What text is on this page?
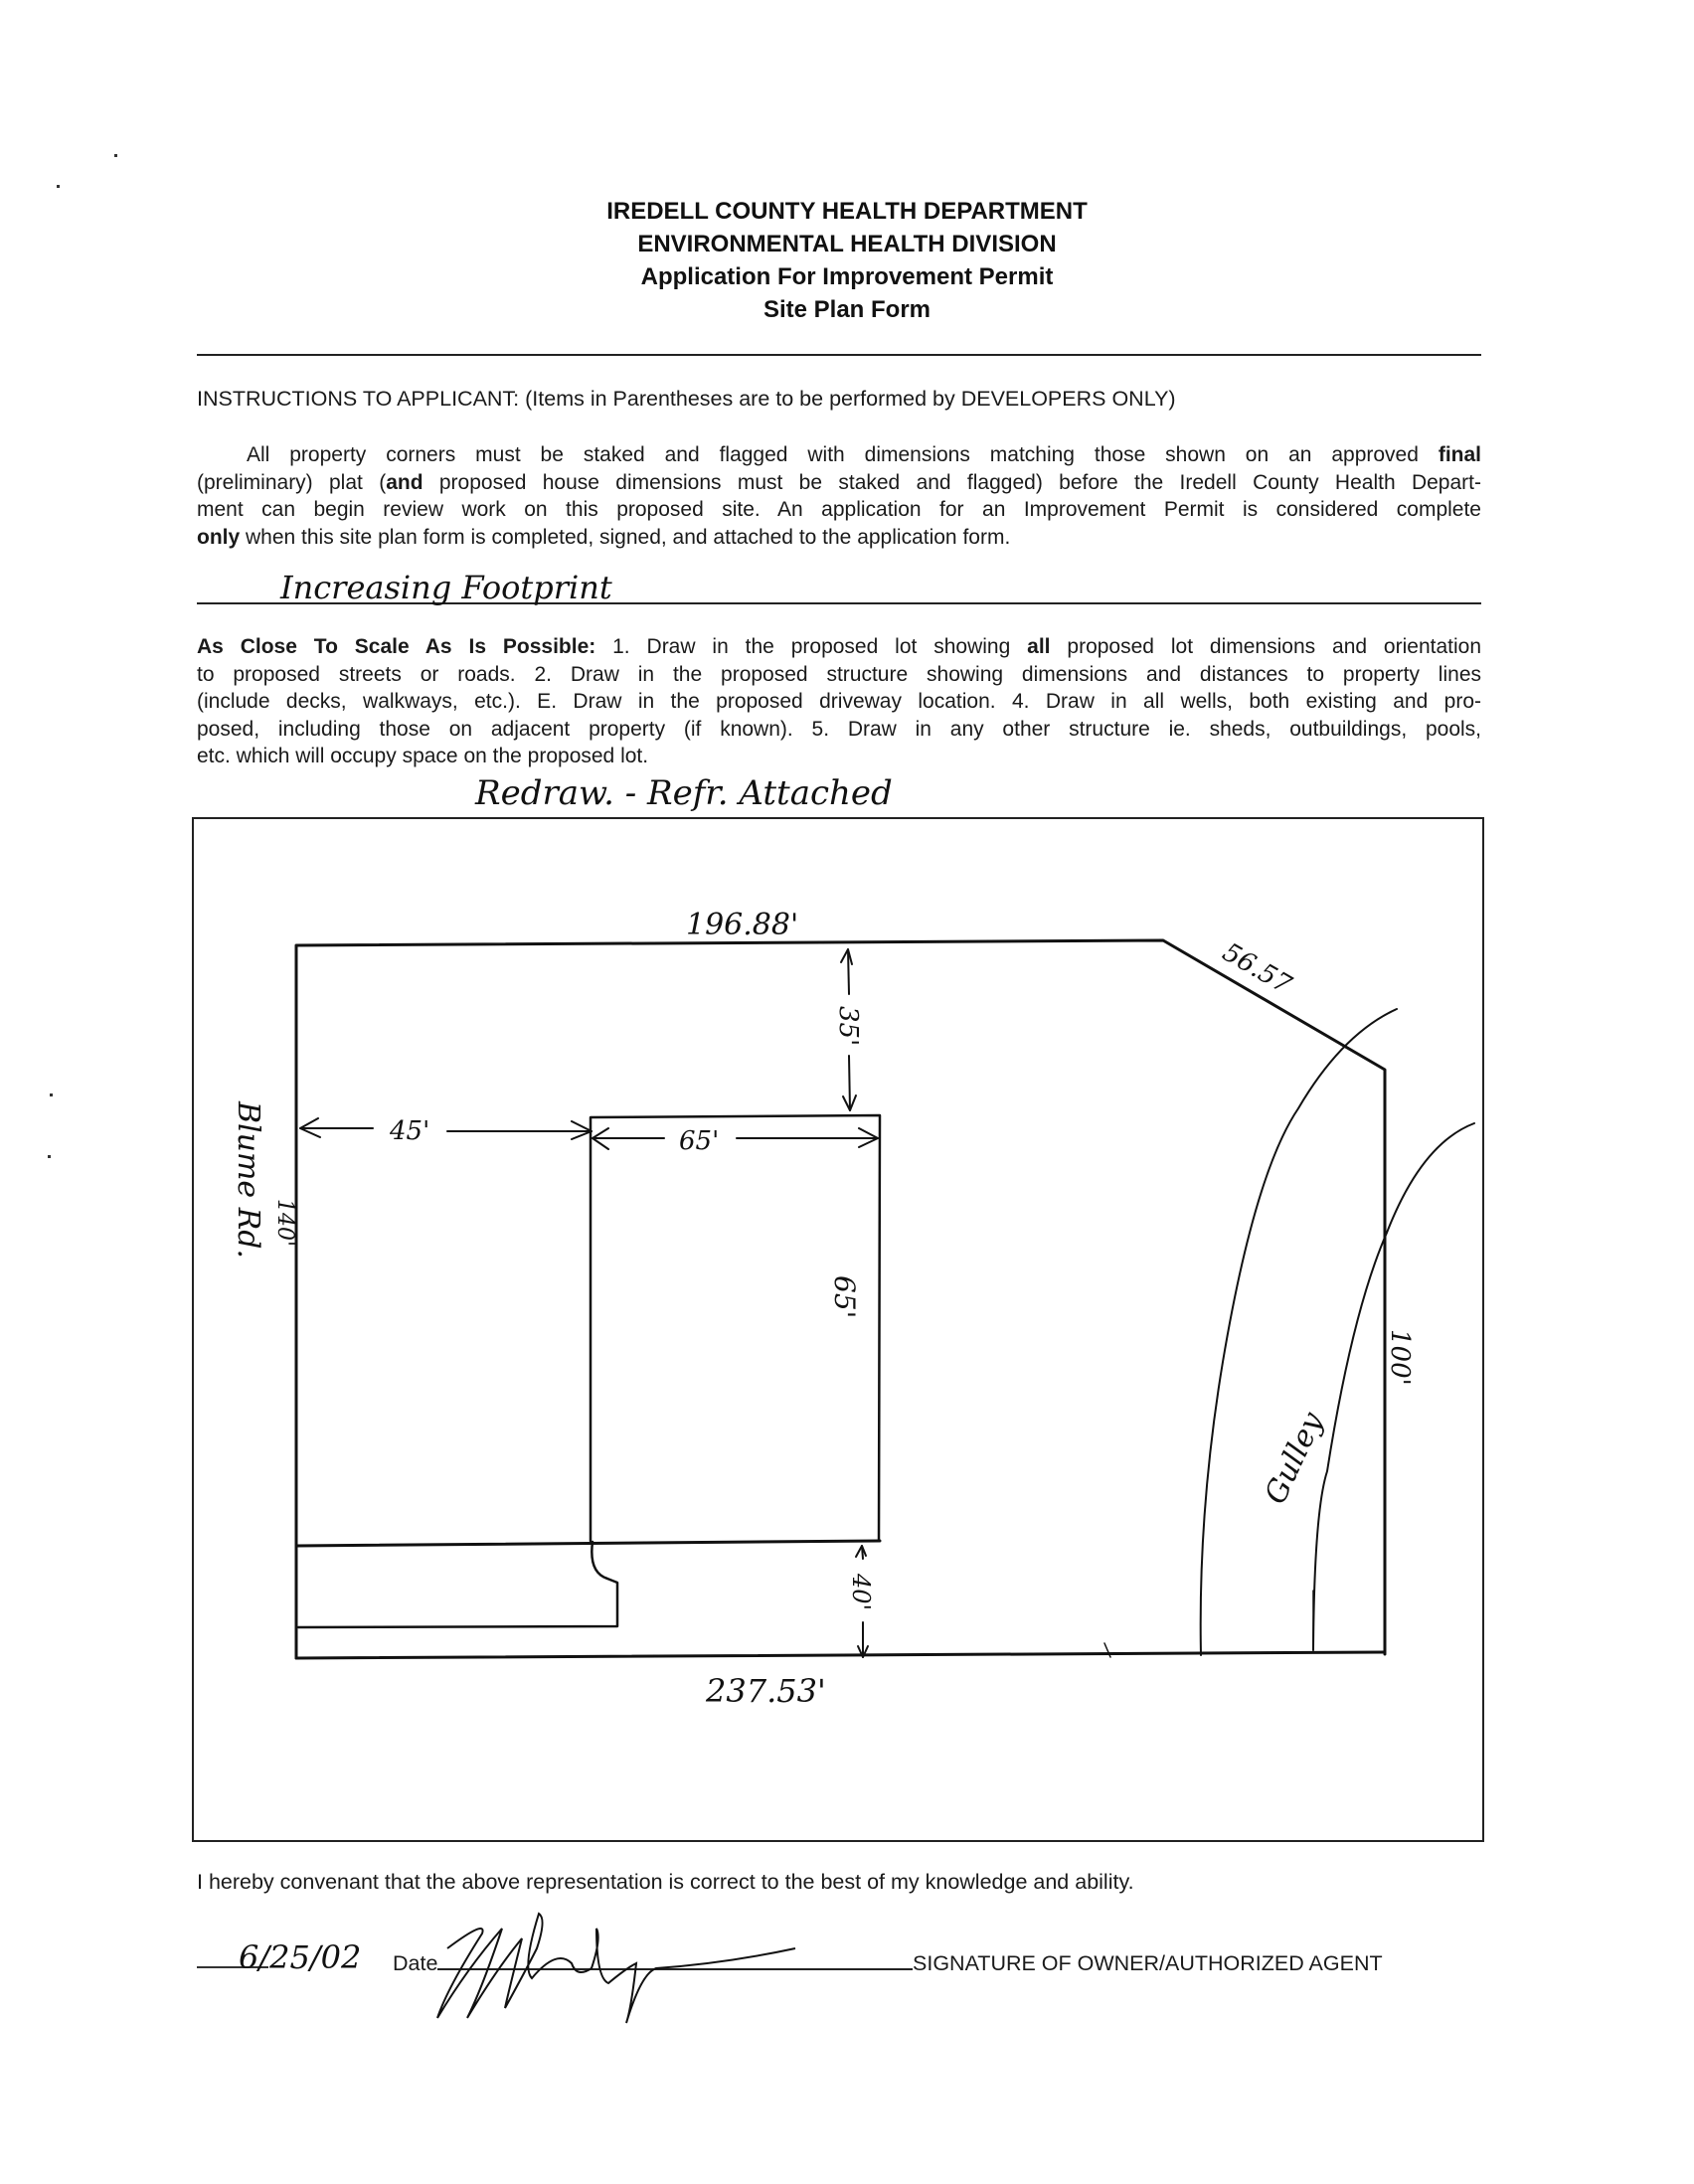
IREDELL COUNTY HEALTH DEPARTMENT
ENVIRONMENTAL HEALTH DIVISION
Application For Improvement Permit
Site Plan Form
INSTRUCTIONS TO APPLICANT: (Items in Parentheses are to be performed by DEVELOPERS ONLY)
All property corners must be staked and flagged with dimensions matching those shown on an approved final
(preliminary) plat (and proposed house dimensions must be staked and flagged) before the Iredell County Health Depart-
ment can begin review work on this proposed site. An application for an Improvement Permit is considered complete
only when this site plan form is completed, signed, and attached to the application form.
Increasing Footprint
As Close To Scale As Is Possible: 1. Draw in the proposed lot showing all proposed lot dimensions and orientation
to proposed streets or roads. 2. Draw in the proposed structure showing dimensions and distances to property lines
(include decks, walkways, etc.). E. Draw in the proposed driveway location. 4. Draw in all wells, both existing and pro-
posed, including those on adjacent property (if known). 5. Draw in any other structure ie. sheds, outbuildings, pools,
etc. which will occupy space on the proposed lot.
Redraw. - Refr. Attached
196.88'
56.57
100'
237.53'
140'
Blume Rd.	45'	65'
65'
35'
40'
Gulley
I hereby convenant that the above representation is correct to the best of my knowledge and ability.
6/25/02 Date	SIGNATURE OF OWNER/AUTHORIZED AGENT
